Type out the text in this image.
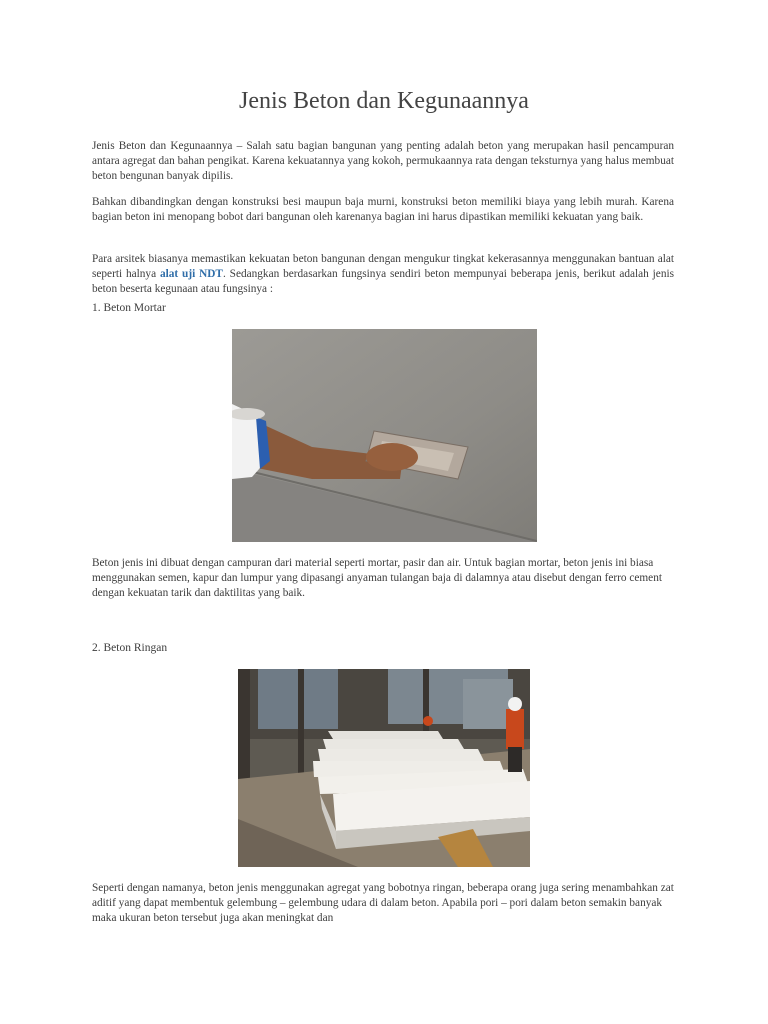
Jenis Beton dan Kegunaannya
Jenis Beton dan Kegunaannya – Salah satu bagian bangunan yang penting adalah beton yang merupakan hasil pencampuran antara agregat dan bahan pengikat. Karena kekuatannya yang kokoh, permukaannya rata dengan teksturnya yang halus membuat beton bengunan banyak dipilis.
Bahkan dibandingkan dengan konstruksi besi maupun baja murni, konstruksi beton memiliki biaya yang lebih murah. Karena bagian beton ini menopang bobot dari bangunan oleh karenanya bagian ini harus dipastikan memiliki kekuatan yang baik.
Para arsitek biasanya memastikan kekuatan beton bangunan dengan mengukur tingkat kekerasannya menggunakan bantuan alat seperti halnya alat uji NDT. Sedangkan berdasarkan fungsinya sendiri beton mempunyai beberapa jenis, berikut adalah jenis beton beserta kegunaan atau fungsinya :
1. Beton Mortar
Beton jenis ini dibuat dengan campuran dari material seperti mortar, pasir dan air. Untuk bagian mortar, beton jenis ini biasa menggunakan semen, kapur dan lumpur yang dipasangi anyaman tulangan baja di dalamnya atau disebut dengan ferro cement dengan kekuatan tarik dan daktilitas yang baik.
2. Beton Ringan
Seperti dengan namanya, beton jenis menggunakan agregat yang bobotnya ringan, beberapa orang juga sering menambahkan zat aditif yang dapat membentuk gelembung – gelembung udara di dalam beton. Apabila pori – pori dalam beton semakin banyak maka ukuran beton tersebut juga akan meningkat dan
